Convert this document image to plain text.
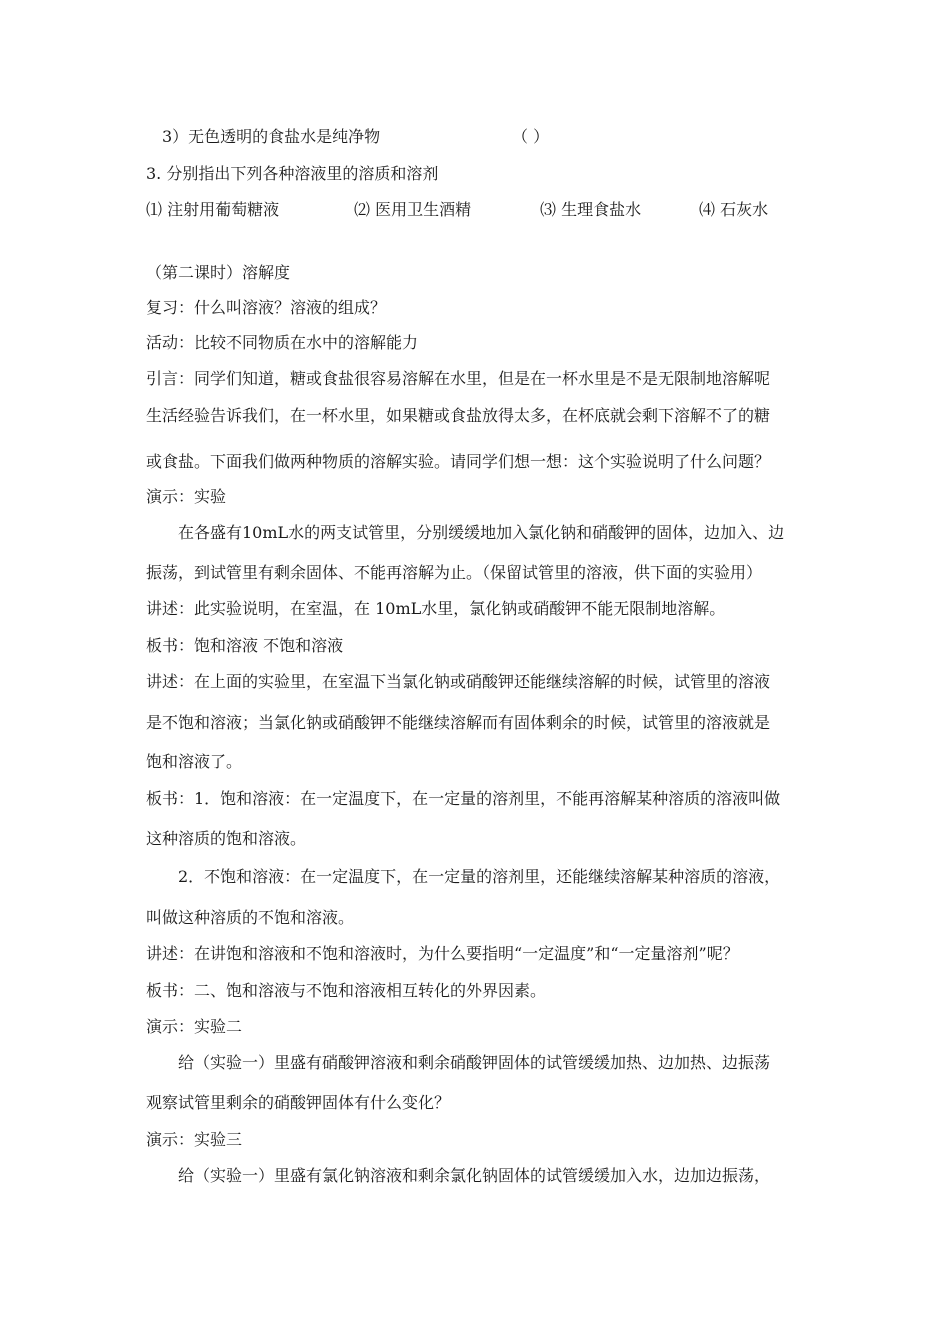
3）无色透明的食盐水是纯净物	（ ）
3. 分别指出下列各种溶液里的溶质和溶剂
⑴ 注射用葡萄糖液	⑵ 医用卫生酒精	⑶ 生理食盐水	⑷ 石灰水
（第二课时）溶解度
复习：什么叫溶液？溶液的组成？
活动：比较不同物质在水中的溶解能力
引言：同学们知道，糖或食盐很容易溶解在水里，但是在一杯水里是不是无限制地溶解呢
生活经验告诉我们，在一杯水里，如果糖或食盐放得太多，在杯底就会剩下溶解不了的糖
或食盐。下面我们做两种物质的溶解实验。请同学们想一想：这个实验说明了什么问题？
演示：实验
在各盛有10mL水的两支试管里，分别缓缓地加入氯化钠和硝酸钾的固体，边加入、边
振荡，到试管里有剩余固体、不能再溶解为止。（保留试管里的溶液，供下面的实验用）
讲述：此实验说明，在室温，在 10mL水里，氯化钠或硝酸钾不能无限制地溶解。
板书：饱和溶液 不饱和溶液
讲述：在上面的实验里，在室温下当氯化钠或硝酸钾还能继续溶解的时候，试管里的溶液
是不饱和溶液；当氯化钠或硝酸钾不能继续溶解而有固体剩余的时候，试管里的溶液就是
饱和溶液了。
板书：1．饱和溶液：在一定温度下，在一定量的溶剂里，不能再溶解某种溶质的溶液叫做
这种溶质的饱和溶液。
2．不饱和溶液：在一定温度下，在一定量的溶剂里，还能继续溶解某种溶质的溶液，
叫做这种溶质的不饱和溶液。
讲述：在讲饱和溶液和不饱和溶液时，为什么要指明“一定温度”和“一定量溶剂”呢？
板书：二、饱和溶液与不饱和溶液相互转化的外界因素。
演示：实验二
给（实验一）里盛有硝酸钾溶液和剩余硝酸钾固体的试管缓缓加热、边加热、边振荡
观察试管里剩余的硝酸钾固体有什么变化？
演示：实验三
给（实验一）里盛有氯化钠溶液和剩余氯化钠固体的试管缓缓加入水，边加边振荡，
